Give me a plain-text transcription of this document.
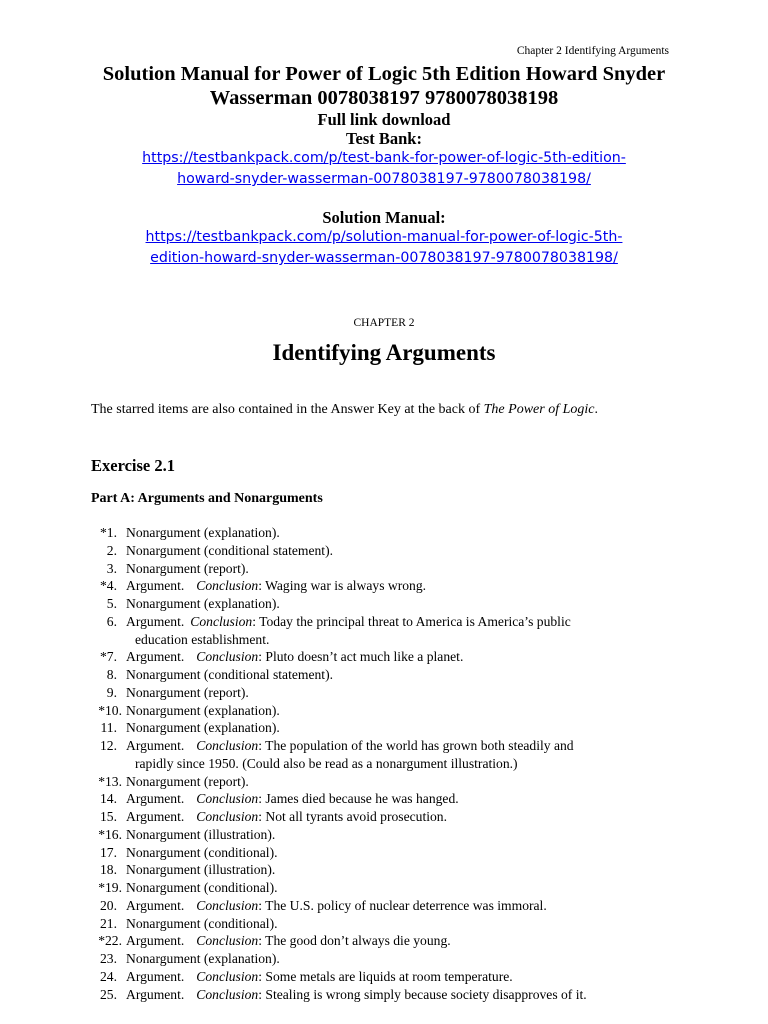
Chapter 2 Identifying Arguments

Solution Manual for Power of Logic 5th Edition Howard Snyder

Wasserman 0078038197 9780078038198

Full link download

Test Bank:

https://testbankpack.com/p/test-bank-for-power-of-logic-5th-edition-

howard-snyder-wasserman-0078038197-9780078038198/

Solution Manual:

https://testbankpack.com/p/solution-manual-for-power-of-logic-5th-

edition-howard-snyder-wasserman-0078038197-9780078038198/

CHAPTER 2
Identifying Arguments
The starred items are also contained in the Answer Key at the back of The Power of Logic.
Exercise 2.1
Part A: Arguments and Nonarguments
*1. Nonargument (explanation).
2. Nonargument (conditional statement).
3. Nonargument (report).
*4. Argument. Conclusion: Waging war is always wrong.
5. Nonargument (explanation).
6. Argument. Conclusion: Today the principal threat to America is America’s public
education establishment.
*7. Argument. Conclusion: Pluto doesn’t act much like a planet.
8. Nonargument (conditional statement).
9. Nonargument (report).
*10. Nonargument (explanation).
11. Nonargument (explanation).
12. Argument. Conclusion: The population of the world has grown both steadily and
rapidly since 1950. (Could also be read as a nonargument illustration.)
*13. Nonargument (report).
14. Argument. Conclusion: James died because he was hanged.
15. Argument. Conclusion: Not all tyrants avoid prosecution.
*16. Nonargument (illustration).
17. Nonargument (conditional).
18. Nonargument (illustration).
*19. Nonargument (conditional).
20. Argument. Conclusion: The U.S. policy of nuclear deterrence was immoral.
21. Nonargument (conditional).
*22. Argument. Conclusion: The good don’t always die young.
23. Nonargument (explanation).
24. Argument. Conclusion: Some metals are liquids at room temperature.
25. Argument. Conclusion: Stealing is wrong simply because society disapproves of it.
